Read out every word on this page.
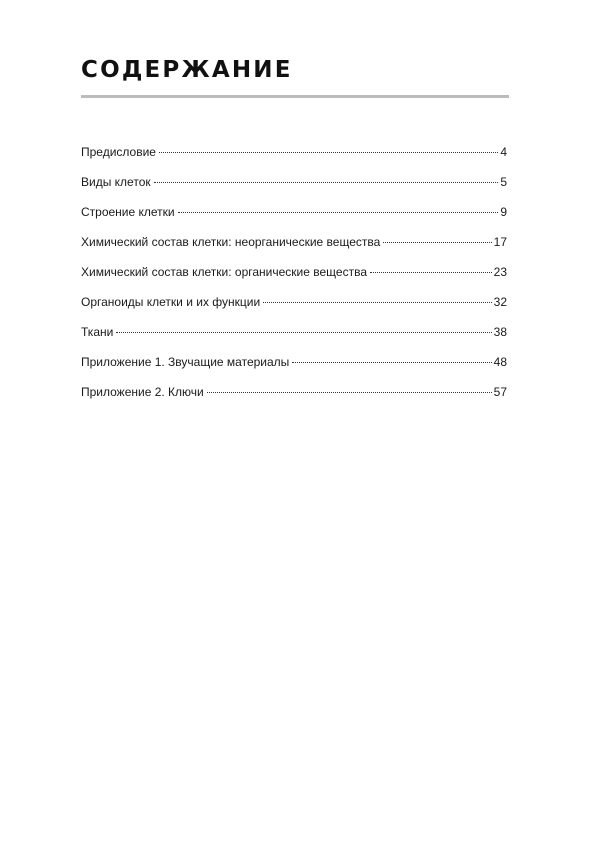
СОДЕРЖАНИЕ
Предисловие	4
Виды клеток	5
Строение клетки	9
Химический состав клетки: неорганические вещества	17
Химический состав клетки: органические вещества	23
Органоиды клетки и их функции	32
Ткани	38
Приложение 1. Звучащие материалы	48
Приложение 2. Ключи	57
